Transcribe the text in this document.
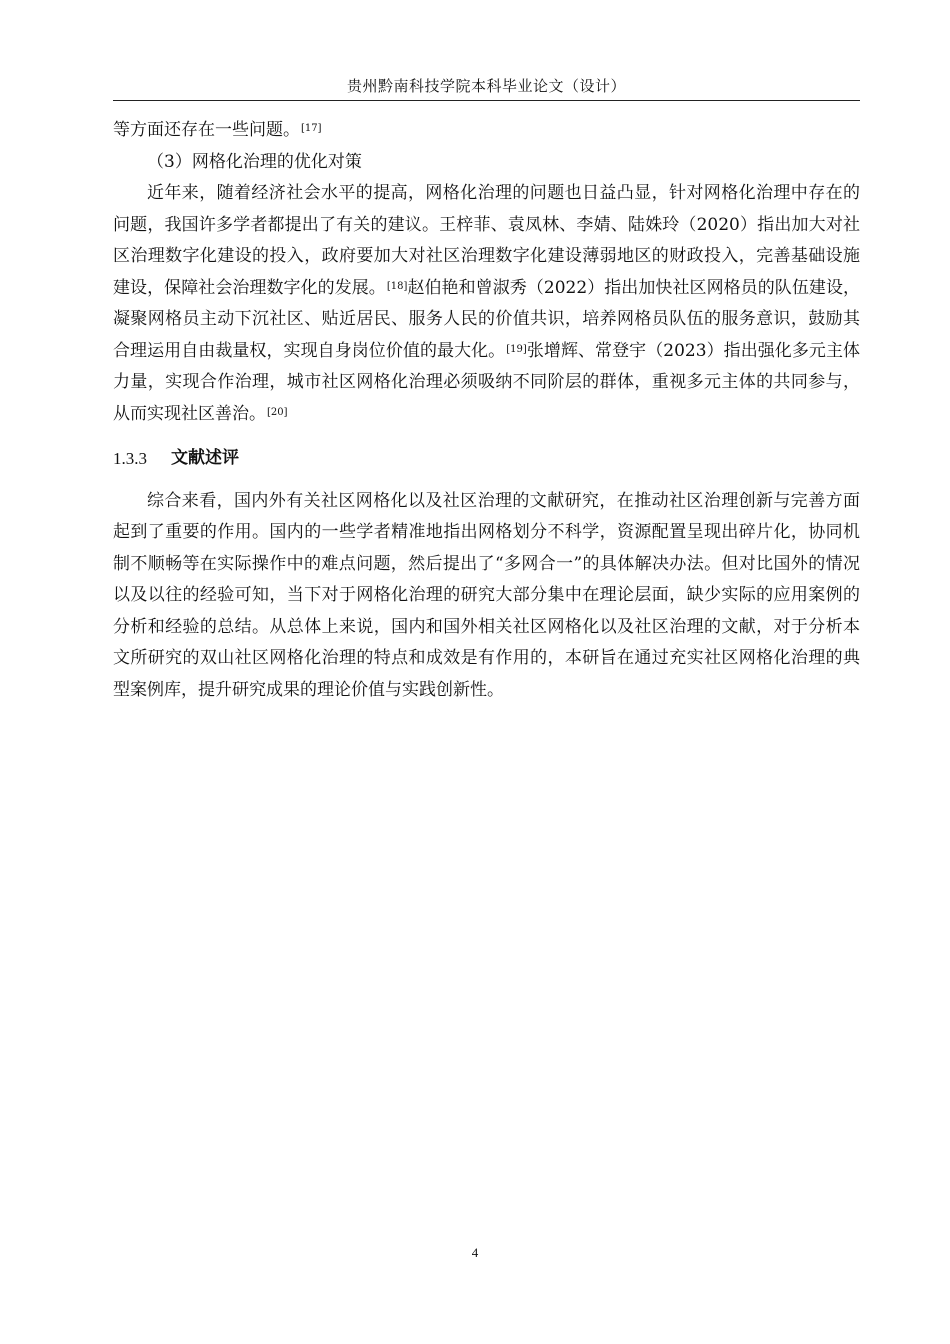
贵州黔南科技学院本科毕业论文（设计）

等方面还存在一些问题。[17]

（3）网格化治理的优化对策

近年来，随着经济社会水平的提高，网格化治理的问题也日益凸显，针对网格化治理中存在的问题，我国许多学者都提出了有关的建议。王梓菲、袁凤林、李婧、陆姝玲（2020）指出加大对社区治理数字化建设的投入，政府要加大对社区治理数字化建设薄弱地区的财政投入，完善基础设施建设，保障社会治理数字化的发展。[18]赵伯艳和曾淑秀（2022）指出加快社区网格员的队伍建设，凝聚网格员主动下沉社区、贴近居民、服务人民的价值共识，培养网格员队伍的服务意识，鼓励其合理运用自由裁量权，实现自身岗位价值的最大化。[19]张增辉、常登宇（2023）指出强化多元主体力量，实现合作治理，城市社区网格化治理必须吸纳不同阶层的群体，重视多元主体的共同参与，从而实现社区善治。[20]

1.3.3	文献述评

综合来看，国内外有关社区网格化以及社区治理的文献研究，在推动社区治理创新与完善方面起到了重要的作用。国内的一些学者精准地指出网格划分不科学，资源配置呈现出碎片化，协同机制不顺畅等在实际操作中的难点问题，然后提出了“多网合一”的具体解决办法。但对比国外的情况以及以往的经验可知，当下对于网格化治理的研究大部分集中在理论层面，缺少实际的应用案例的分析和经验的总结。从总体上来说，国内和国外相关社区网格化以及社区治理的文献，对于分析本文所研究的双山社区网格化治理的特点和成效是有作用的，本研旨在通过充实社区网格化治理的典型案例库，提升研究成果的理论价值与实践创新性。

4
